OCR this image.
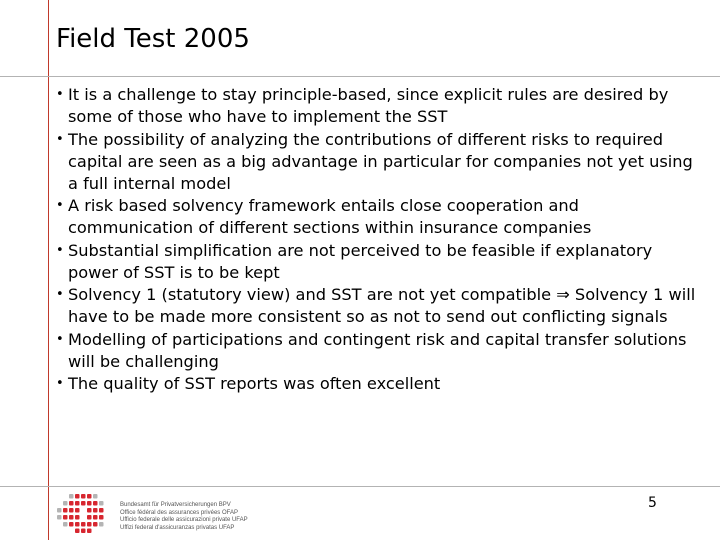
Field Test 2005
• It is a challenge to stay principle-based, since explicit rules are desired by some of those who have to implement the SST
• The possibility of analyzing the contributions of different risks to required capital are seen as a big advantage in particular for companies not yet using a full internal model
• A risk based solvency framework entails close cooperation and communication of different sections within insurance companies
• Substantial simplification are not perceived to be feasible if explanatory power of SST is to be kept
• Solvency 1 (statutory view) and SST are not yet compatible ⇒ Solvency 1 will have to be made more consistent so as not to send out conflicting signals
• Modelling of participations and contingent risk and capital transfer solutions will be challenging
• The quality of SST reports was often excellent
Bundesamt für Privatversicherungen BPV
Office fédéral des assurances privées OFAP
Ufficio federale delle assicurazioni private UFAP
Uffizi federal d'assicuranzas privatas UFAP
5
